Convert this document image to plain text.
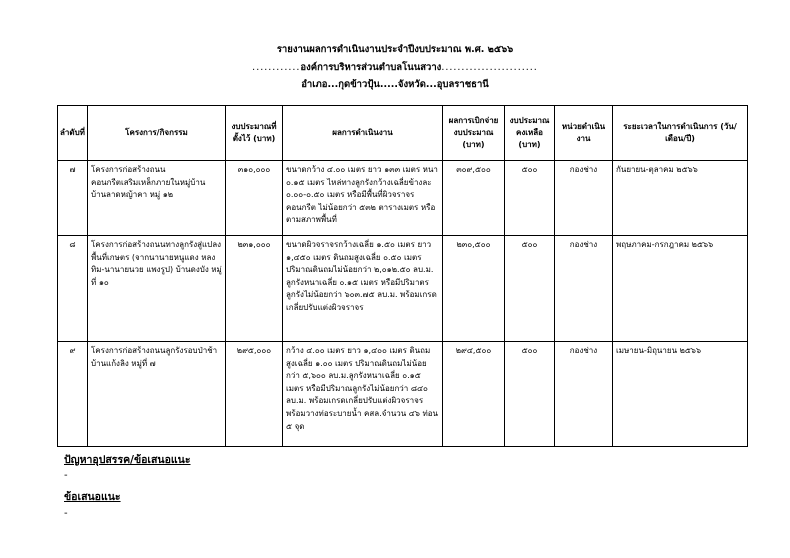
รายงานผลการดำเนินงานประจำปีงบประมาณ พ.ศ. ๒๕๖๖
............องค์การบริหารส่วนตำบลโนนสวาง........................
อำเภอ...กุดข้าวปุ้น.....จังหวัด...อุบลราชธานี
ลำดับที่	โครงการ/กิจกรรม	งบประมาณที่ตั้งไว้ (บาท)	ผลการดำเนินงาน	ผลการเบิกจ่ายงบประมาณ (บาท)	งบประมาณคงเหลือ (บาท)	หน่วยดำเนินงาน	ระยะเวลาในการดำเนินการ (วัน/เดือน/ปี)
๗	โครงการก่อสร้างถนนคอนกรีตเสริมเหล็กภายในหมู่บ้าน บ้านลาดหญ้าคา หมู่ ๑๒	๓๑๐,๐๐๐	ขนาดกว้าง ๔.๐๐ เมตร ยาว ๑๓๓ เมตร หนา ๐.๑๕ เมตร ไหล่ทางลูกรังกว้างเฉลี่ยข้างละ ๐.๐๐-๐.๕๐ เมตร หรือมีพื้นที่ผิวจราจรคอนกรีต ไม่น้อยกว่า ๕๓๒ ตารางเมตร หรือตามสภาพพื้นที่	๓๐๙,๕๐๐	๕๐๐	กองช่าง	กันยายน-ตุลาคม ๒๕๖๖
๘	โครงการก่อสร้างถนนทางลูกรังสู่แปลงพื้นที่เกษตร (จากนานายหนูแดง หลงทิม-นานายนวย แพงรูป) บ้านดงบัง หมู่ที่ ๑๐	๒๓๑,๐๐๐	ขนาดผิวจราจรกว้างเฉลี่ย ๑.๕๐ เมตร ยาว ๑,๔๕๐ เมตร ดินถมสูงเฉลี่ย ๐.๕๐ เมตร ปริมาณดินถมไม่น้อยกว่า ๒,๐๑๒.๕๐ ลบ.ม. ลูกรังหนาเฉลี่ย ๐.๑๕ เมตร หรือมีปริมาตรลูกรังไม่น้อยกว่า ๖๐๓.๗๕ ลบ.ม. พร้อมเกรดเกลี่ยปรับแต่งผิวจราจร	๒๓๐,๕๐๐	๕๐๐	กองช่าง	พฤษภาคม-กรกฎาคม ๒๕๖๖
๙	โครงการก่อสร้างถนนลูกรังรอบป่าช้าบ้านแก้งลิง หมู่ที่ ๗	๒๙๕,๐๐๐	กว้าง ๔.๐๐ เมตร ยาว ๑,๔๐๐ เมตร ดินถมสูงเฉลี่ย ๑.๐๐ เมตร ปริมาณดินถมไม่น้อยกว่า ๕,๖๐๐ ลบ.ม.ลูกรังหนาเฉลี่ย ๐.๑๕ เมตร หรือมีปริมาณลูกรังไม่น้อยกว่า ๘๔๐ ลบ.ม. พร้อมเกรดเกลี่ยปรับแต่งผิวจราจร พร้อมวางท่อระบายน้ำ คสล.จำนวน ๔๖ ท่อน ๕ จุด	๒๙๔,๕๐๐	๕๐๐	กองช่าง	เมษายน-มิถุนายน ๒๕๖๖
ปัญหาอุปสรรค/ข้อเสนอแนะ
-
ข้อเสนอแนะ
-
